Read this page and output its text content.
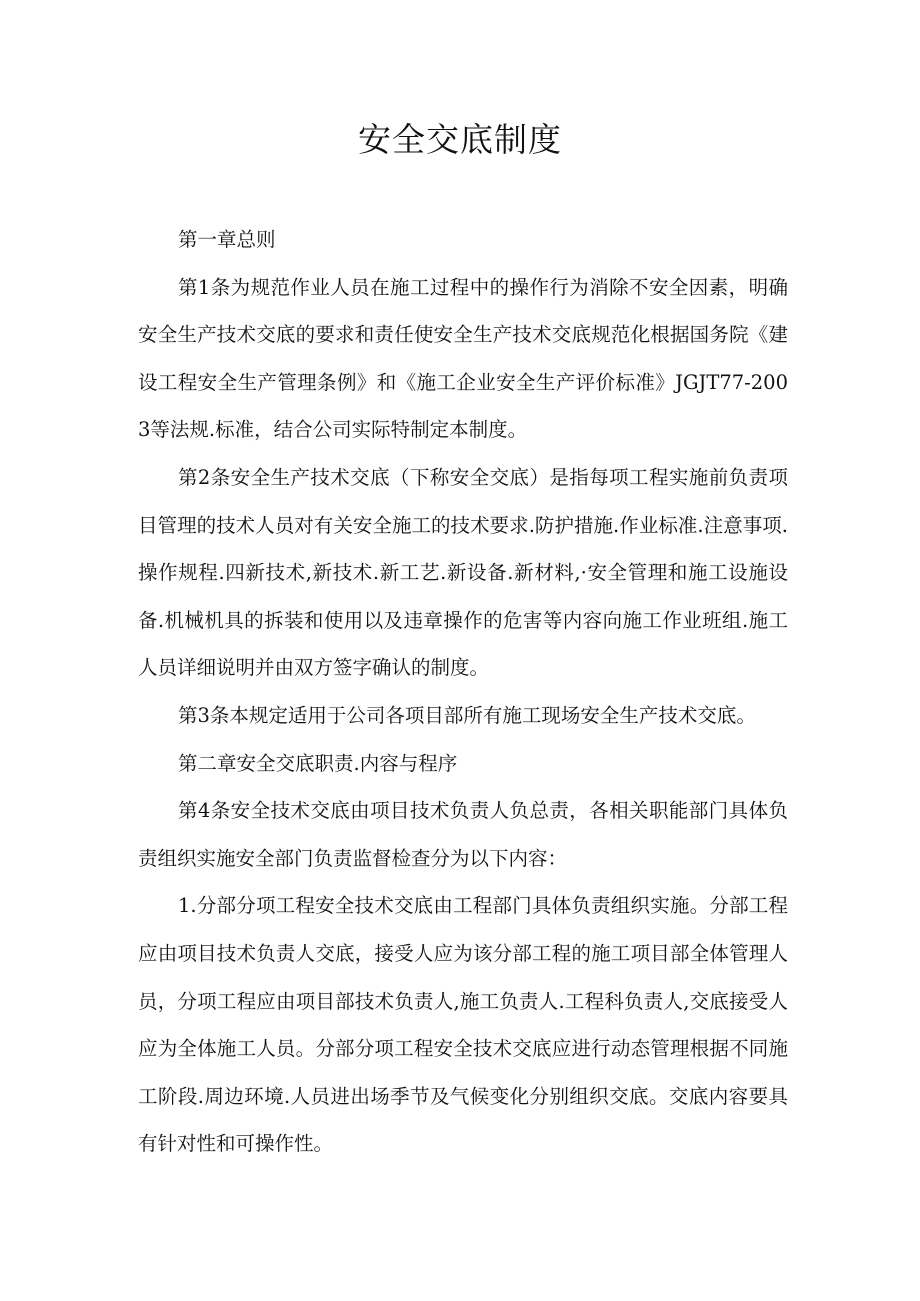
安全交底制度

第一章总则

第1条为规范作业人员在施工过程中的操作行为消除不安全因素，明确安全生产技术交底的要求和责任使安全生产技术交底规范化根据国务院《建设工程安全生产管理条例》和《施工企业安全生产评价标准》JGJT77-2003等法规.标准，结合公司实际特制定本制度。

第2条安全生产技术交底（下称安全交底）是指每项工程实施前负责项目管理的技术人员对有关安全施工的技术要求.防护措施.作业标准.注意事项.操作规程.四新技术,新技术.新工艺.新设备.新材料,·安全管理和施工设施设备.机械机具的拆装和使用以及违章操作的危害等内容向施工作业班组.施工人员详细说明并由双方签字确认的制度。

第3条本规定适用于公司各项目部所有施工现场安全生产技术交底。

第二章安全交底职责.内容与程序

第4条安全技术交底由项目技术负责人负总责，各相关职能部门具体负责组织实施安全部门负责监督检查分为以下内容：

1.分部分项工程安全技术交底由工程部门具体负责组织实施。分部工程应由项目技术负责人交底，接受人应为该分部工程的施工项目部全体管理人员，分项工程应由项目部技术负责人,施工负责人.工程科负责人,交底接受人应为全体施工人员。分部分项工程安全技术交底应进行动态管理根据不同施工阶段.周边环境.人员进出场季节及气候变化分别组织交底。交底内容要具有针对性和可操作性。
